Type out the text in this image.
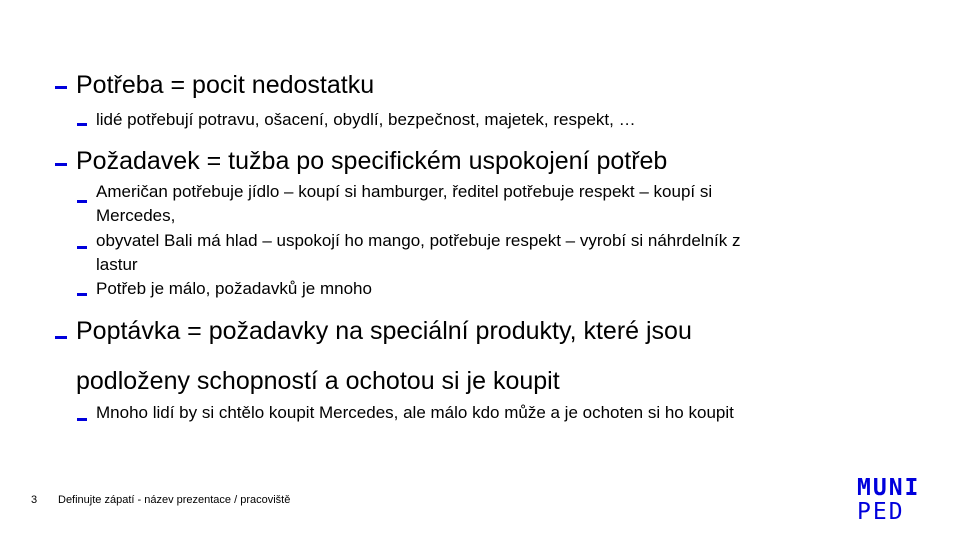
Potřeba = pocit nedostatku
lidé potřebují potravu, ošacení, obydlí, bezpečnost, majetek, respekt, …
Požadavek = tužba po specifickém uspokojení potřeb
Američan potřebuje jídlo – koupí si hamburger, ředitel potřebuje respekt – koupí si
Mercedes,
obyvatel Bali má hlad – uspokojí ho mango, potřebuje respekt – vyrobí si náhrdelník z
lastur
Potřeb je málo, požadavků je mnoho
Poptávka = požadavky na speciální produkty, které jsou
podloženy schopností a ochotou si je koupit
Mnoho lidí by si chtělo koupit Mercedes, ale málo kdo může a je ochoten si ho koupit
3 Definujte zápatí - název prezentace / pracoviště	MUNI
PED
